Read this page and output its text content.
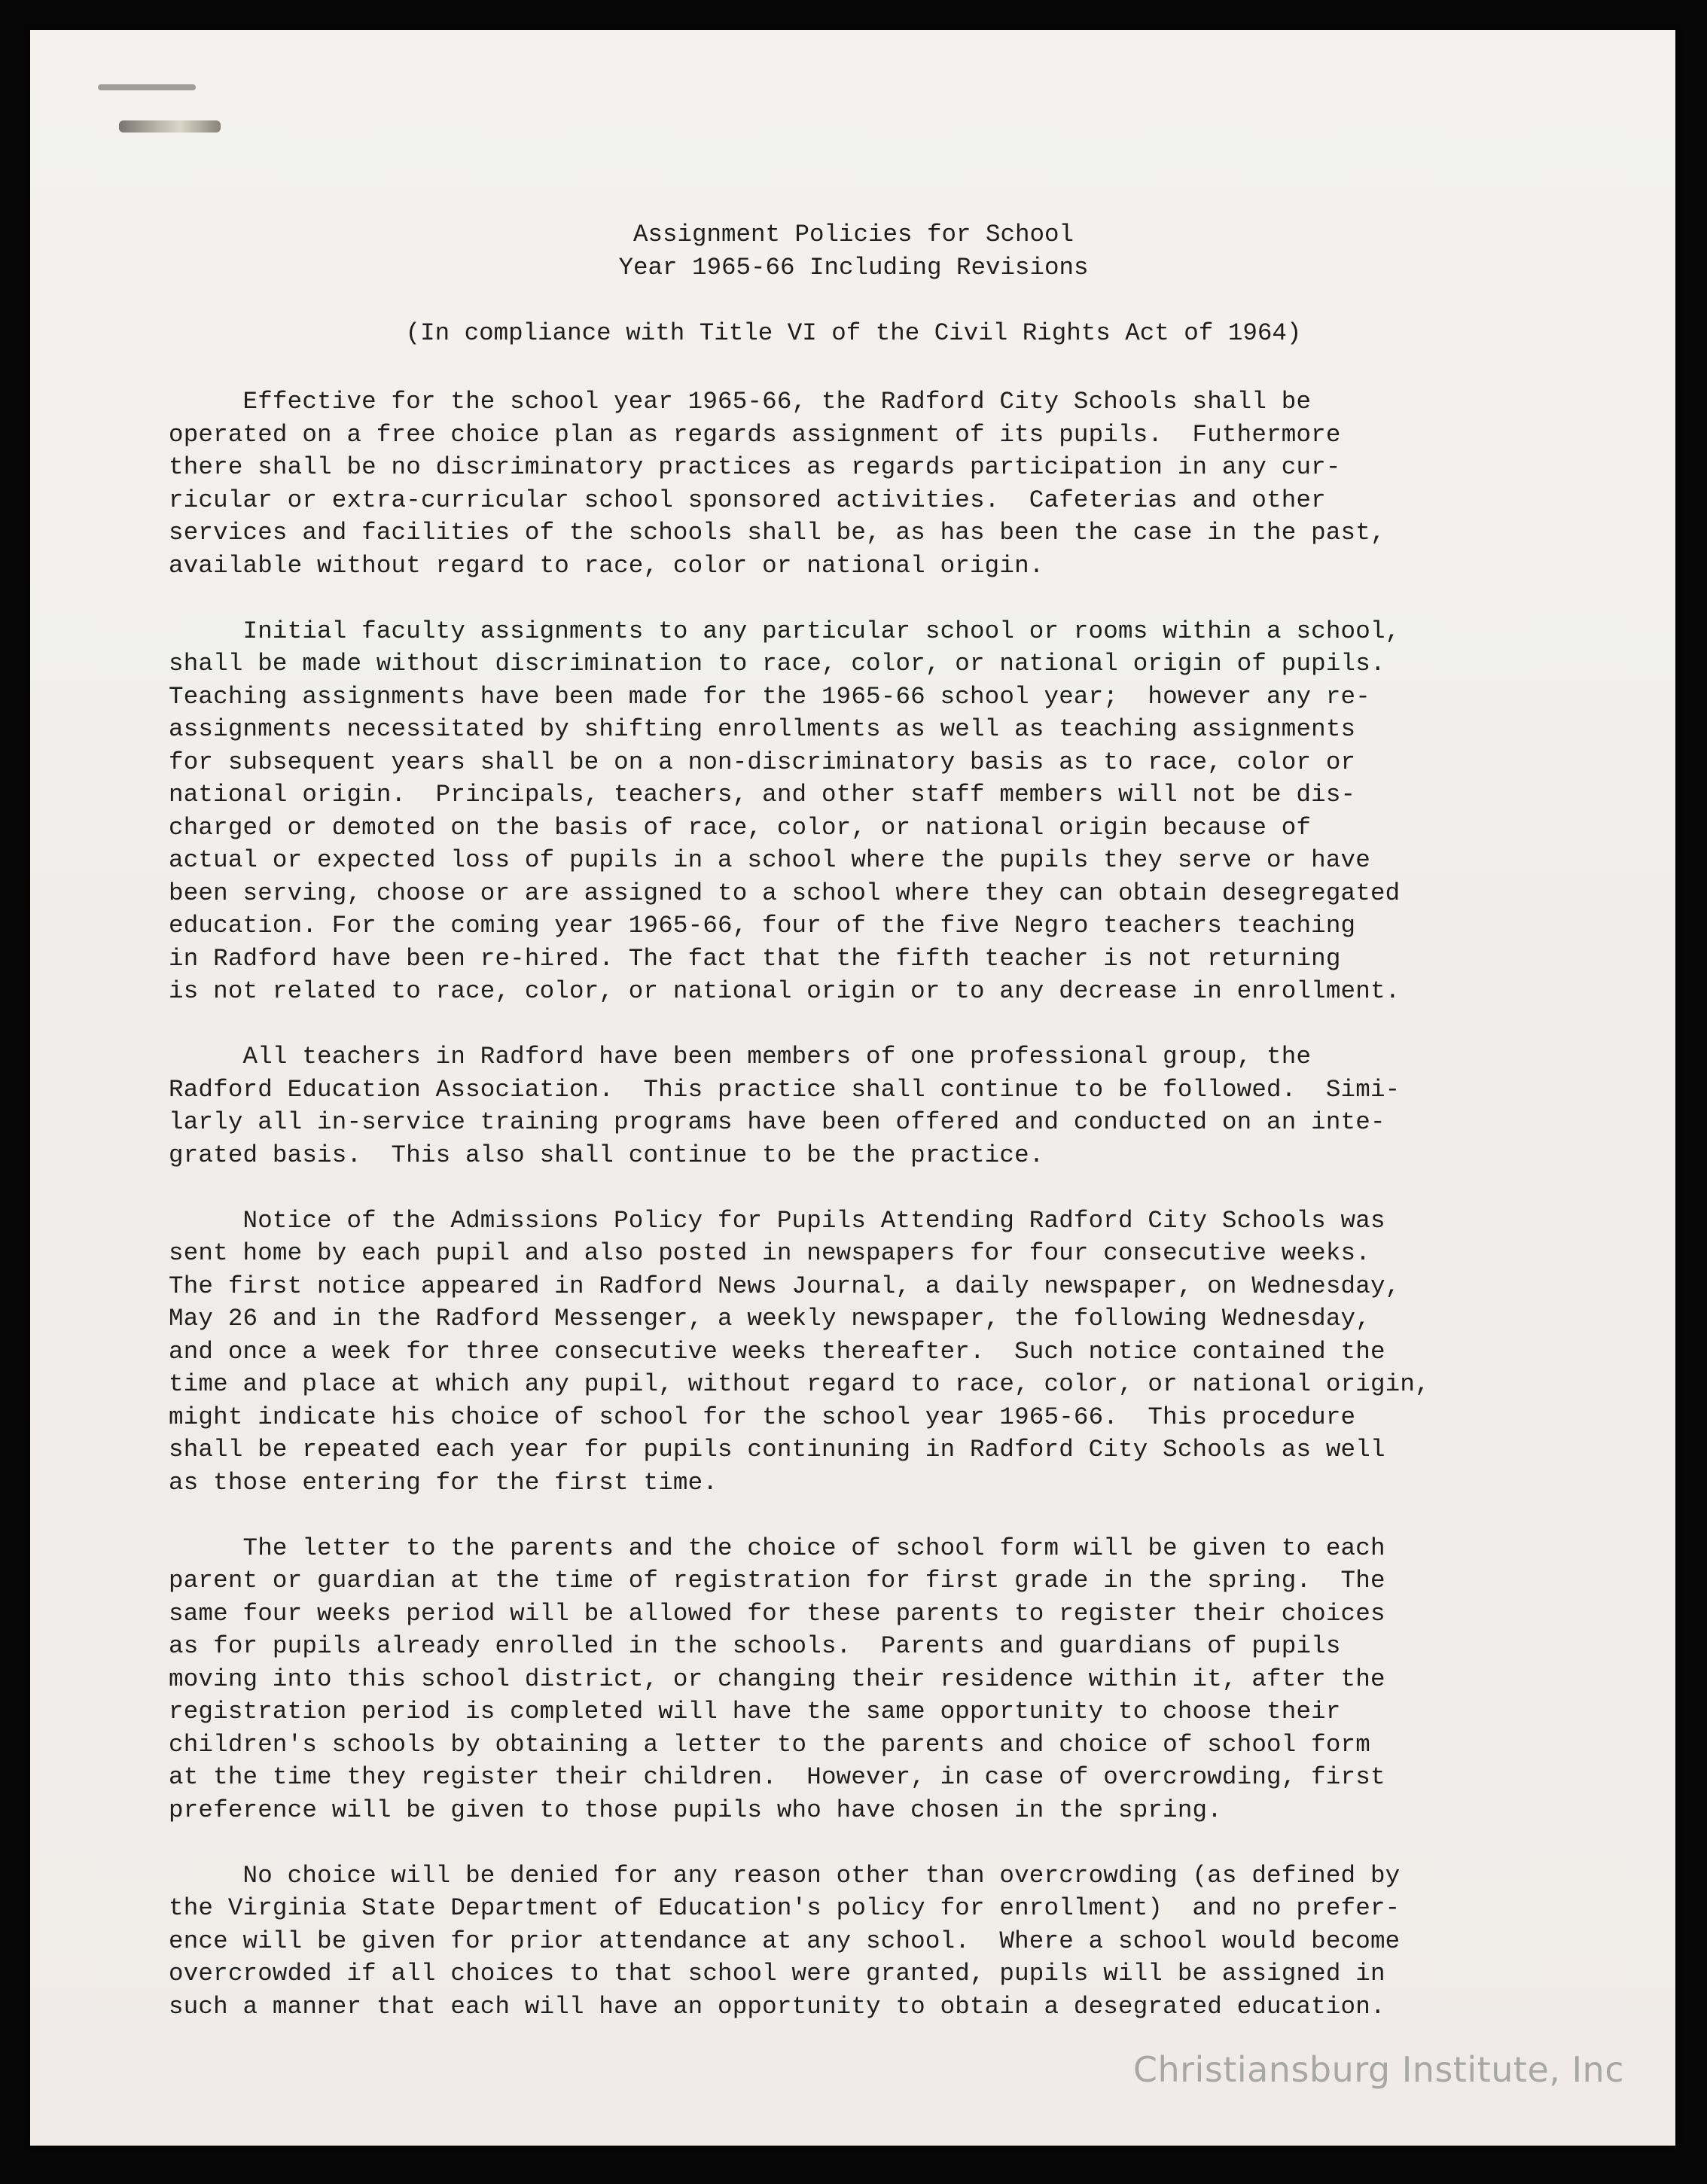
Assignment Policies for School
Year 1965-66 Including Revisions
(In compliance with Title VI of the Civil Rights Act of 1964)
Effective for the school year 1965-66, the Radford City Schools shall be
operated on a free choice plan as regards assignment of its pupils.  Futhermore
there shall be no discriminatory practices as regards participation in any cur-
ricular or extra-curricular school sponsored activities.  Cafeterias and other
services and facilities of the schools shall be, as has been the case in the past,
available without regard to race, color or national origin.
Initial faculty assignments to any particular school or rooms within a school,
shall be made without discrimination to race, color, or national origin of pupils.
Teaching assignments have been made for the 1965-66 school year;  however any re-
assignments necessitated by shifting enrollments as well as teaching assignments
for subsequent years shall be on a non-discriminatory basis as to race, color or
national origin.  Principals, teachers, and other staff members will not be dis-
charged or demoted on the basis of race, color, or national origin because of
actual or expected loss of pupils in a school where the pupils they serve or have
been serving, choose or are assigned to a school where they can obtain desegregated
education. For the coming year 1965-66, four of the five Negro teachers teaching
in Radford have been re-hired. The fact that the fifth teacher is not returning
is not related to race, color, or national origin or to any decrease in enrollment.
All teachers in Radford have been members of one professional group, the
Radford Education Association.  This practice shall continue to be followed.  Simi-
larly all in-service training programs have been offered and conducted on an inte-
grated basis.  This also shall continue to be the practice.
Notice of the Admissions Policy for Pupils Attending Radford City Schools was
sent home by each pupil and also posted in newspapers for four consecutive weeks.
The first notice appeared in Radford News Journal, a daily newspaper, on Wednesday,
May 26 and in the Radford Messenger, a weekly newspaper, the following Wednesday,
and once a week for three consecutive weeks thereafter.  Such notice contained the
time and place at which any pupil, without regard to race, color, or national origin,
might indicate his choice of school for the school year 1965-66.  This procedure
shall be repeated each year for pupils continuning in Radford City Schools as well
as those entering for the first time.
The letter to the parents and the choice of school form will be given to each
parent or guardian at the time of registration for first grade in the spring.  The
same four weeks period will be allowed for these parents to register their choices
as for pupils already enrolled in the schools.  Parents and guardians of pupils
moving into this school district, or changing their residence within it, after the
registration period is completed will have the same opportunity to choose their
children's schools by obtaining a letter to the parents and choice of school form
at the time they register their children.  However, in case of overcrowding, first
preference will be given to those pupils who have chosen in the spring.
No choice will be denied for any reason other than overcrowding (as defined by
the Virginia State Department of Education's policy for enrollment)  and no prefer-
ence will be given for prior attendance at any school.  Where a school would become
overcrowded if all choices to that school were granted, pupils will be assigned in
such a manner that each will have an opportunity to obtain a desegrated education.
Christiansburg Institute, Inc
